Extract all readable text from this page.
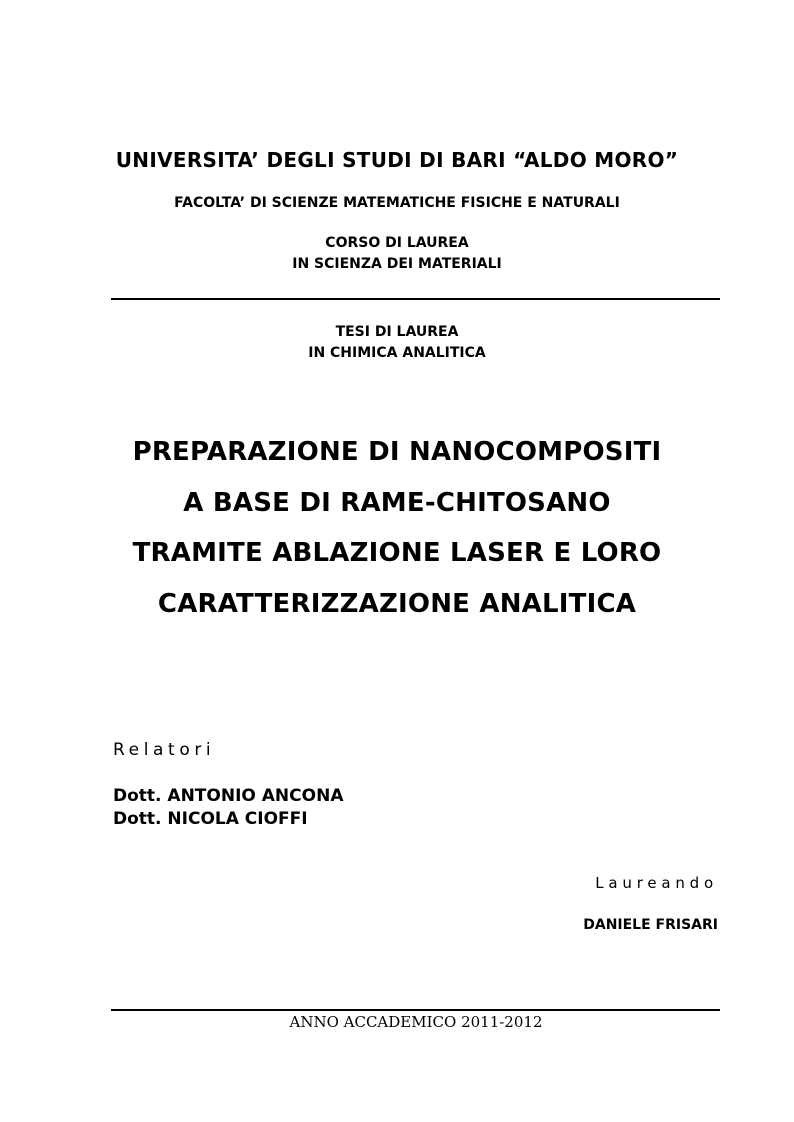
UNIVERSITA’ DEGLI STUDI DI BARI “ALDO MORO”
FACOLTA’ DI SCIENZE MATEMATICHE FISICHE E NATURALI
CORSO DI LAUREA
IN SCIENZA DEI MATERIALI
TESI DI LAUREA
IN CHIMICA ANALITICA
PREPARAZIONE DI NANOCOMPOSITI
A BASE DI RAME-CHITOSANO
TRAMITE ABLAZIONE LASER E LORO
CARATTERIZZAZIONE ANALITICA
Relatori
Dott. ANTONIO ANCONA
Dott. NICOLA CIOFFI
Laureando
DANIELE FRISARI
ANNO ACCADEMICO 2011-2012
